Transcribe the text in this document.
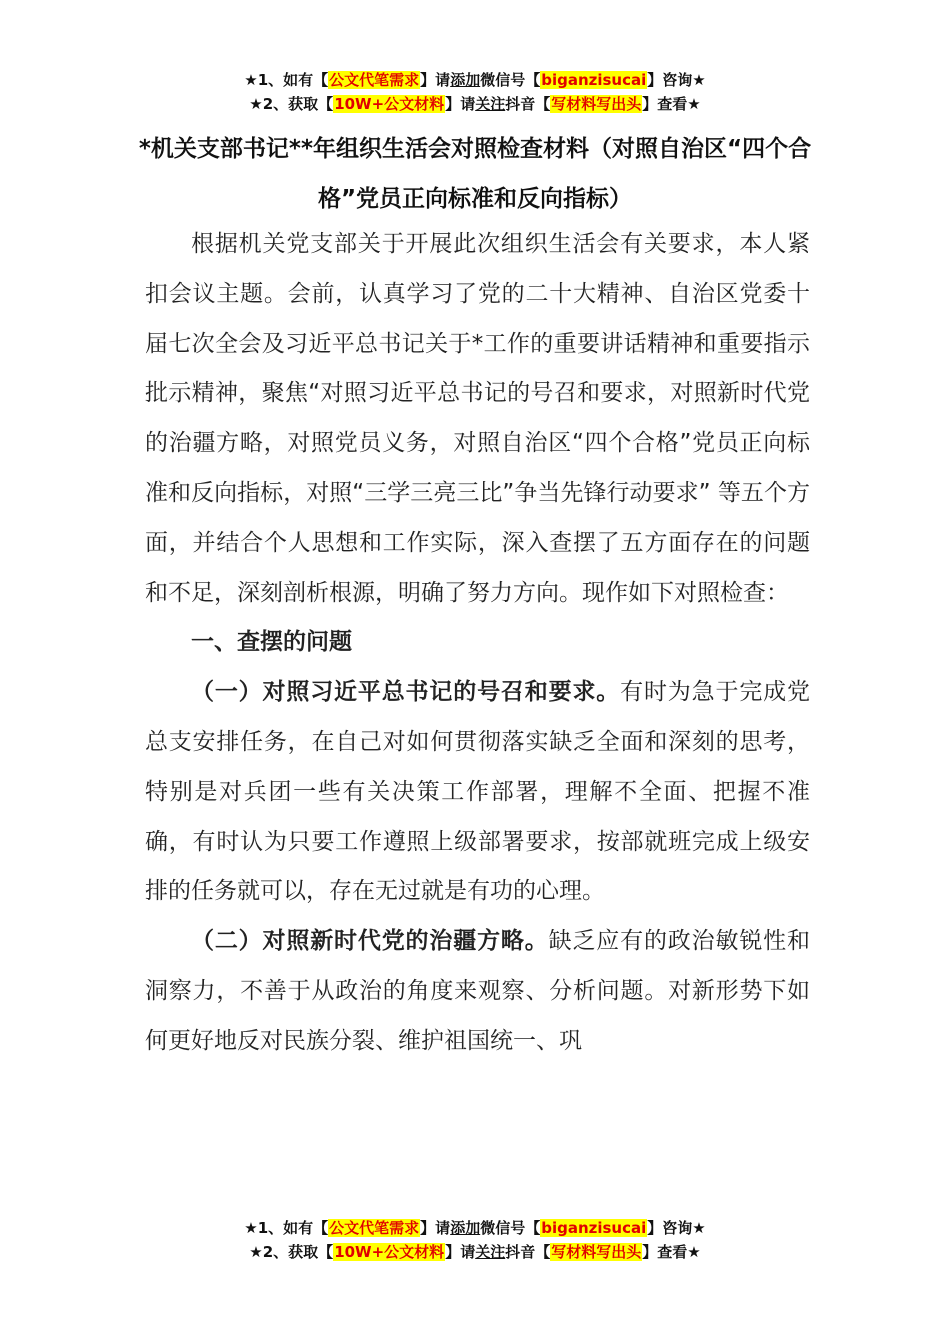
★1、如有【公文代笔需求】请添加微信号【biganzisucai】咨询★
★2、获取【10W+公文材料】请关注抖音【写材料写出头】查看★
*机关支部书记**年组织生活会对照检查材料（对照自治区“四个合格”党员正向标准和反向指标）

根据机关党支部关于开展此次组织生活会有关要求，本人紧扣会议主题。会前，认真学习了党的二十大精神、自治区党委十届七次全会及习近平总书记关于*工作的重要讲话精神和重要指示批示精神，聚焦“对照习近平总书记的号召和要求，对照新时代党的治疆方略，对照党员义务，对照自治区“四个合格”党员正向标准和反向指标，对照“三学三亮三比”争当先锋行动要求” 等五个方面，并结合个人思想和工作实际，深入查摆了五方面存在的问题和不足，深刻剖析根源，明确了努力方向。现作如下对照检查：

一、查摆的问题

（一）对照习近平总书记的号召和要求。有时为急于完成党总支安排任务，在自己对如何贯彻落实缺乏全面和深刻的思考，特别是对兵团一些有关决策工作部署，理解不全面、把握不准确，有时认为只要工作遵照上级部署要求，按部就班完成上级安排的任务就可以，存在无过就是有功的心理。

（二）对照新时代党的治疆方略。缺乏应有的政治敏锐性和洞察力，不善于从政治的角度来观察、分析问题。对新形势下如何更好地反对民族分裂、维护祖国统一、巩

★1、如有【公文代笔需求】请添加微信号【biganzisucai】咨询★
★2、获取【10W+公文材料】请关注抖音【写材料写出头】查看★
